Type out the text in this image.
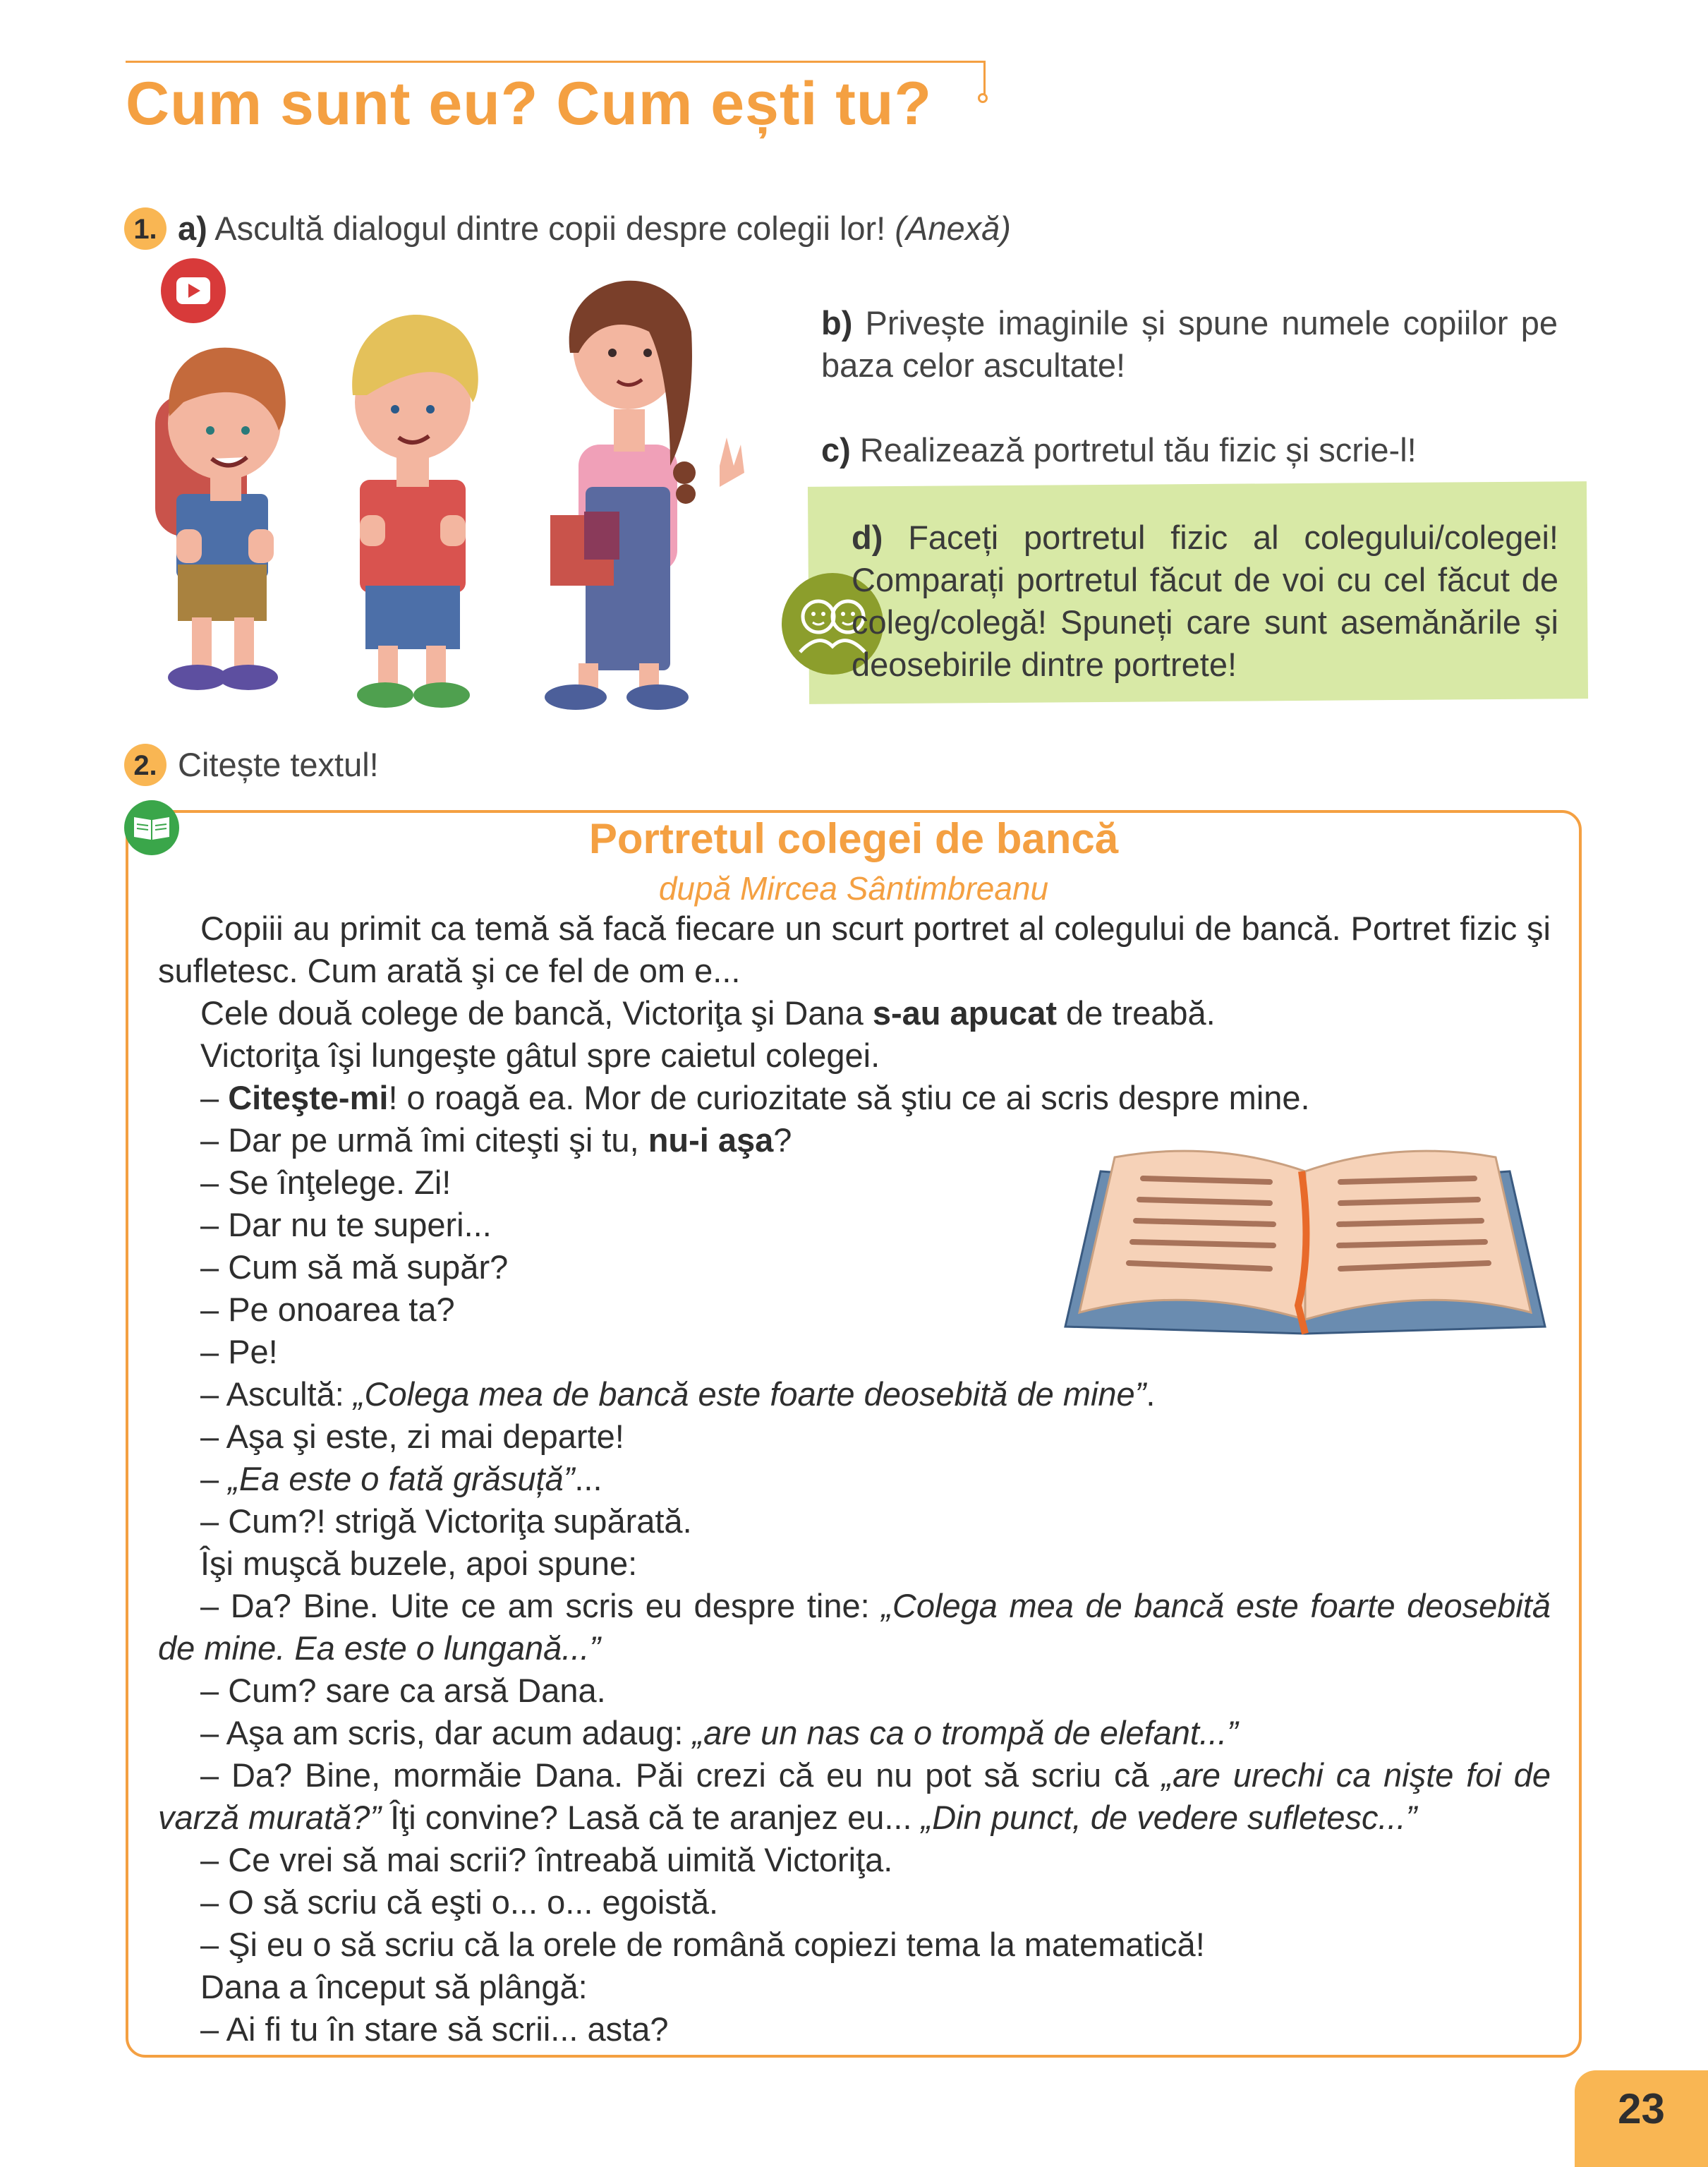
Cum sunt eu? Cum ești tu?
1. a) Ascultă dialogul dintre copii despre colegii lor! (Anexă)
b) Privește imaginile și spune numele copiilor pe baza celor ascultate!
c) Realizează portretul tău fizic și scrie-l!
d) Faceți portretul fizic al colegului/colegei! Comparați portretul făcut de voi cu cel făcut de coleg/colegă! Spuneți care sunt asemănările și deosebirile dintre portrete!
2. Citește textul!
Portretul colegei de bancă
după Mircea Sântimbreanu

Copiii au primit ca temă să facă fiecare un scurt portret al colegului de bancă. Portret fizic şi sufletesc. Cum arată şi ce fel de om e...

Cele două colege de bancă, Victoriţa şi Dana s-au apucat de treabă.

Victoriţa îşi lungeşte gâtul spre caietul colegei.

– Citeşte-mi! o roagă ea. Mor de curiozitate să ştiu ce ai scris despre mine.

– Dar pe urmă îmi citeşti şi tu, nu-i aşa?

– Se înţelege. Zi!

– Dar nu te superi...

– Cum să mă supăr?

– Pe onoarea ta?

– Pe!

– Ascultă: „Colega mea de bancă este foarte deosebită de mine”.

– Aşa şi este, zi mai departe!

– „Ea este o fată grăsuță”...

– Cum?! strigă Victoriţa supărată.

Îşi muşcă buzele, apoi spune:

– Da? Bine. Uite ce am scris eu despre tine: „Colega mea de bancă este foarte deosebită de mine. Ea este o lungană...”

– Cum? sare ca arsă Dana.

– Aşa am scris, dar acum adaug: „are un nas ca o trompă de elefant...”

– Da? Bine, mormăie Dana. Păi crezi că eu nu pot să scriu că „are urechi ca nişte foi de varză murată?” Îţi convine? Lasă că te aranjez eu... „Din punct, de vedere sufletesc...”

– Ce vrei să mai scrii? întreabă uimită Victoriţa.

– O să scriu că eşti o... o... egoistă.

– Şi eu o să scriu că la orele de română copiezi tema la matematică!

Dana a început să plângă:

– Ai fi tu în stare să scrii... asta?

23
